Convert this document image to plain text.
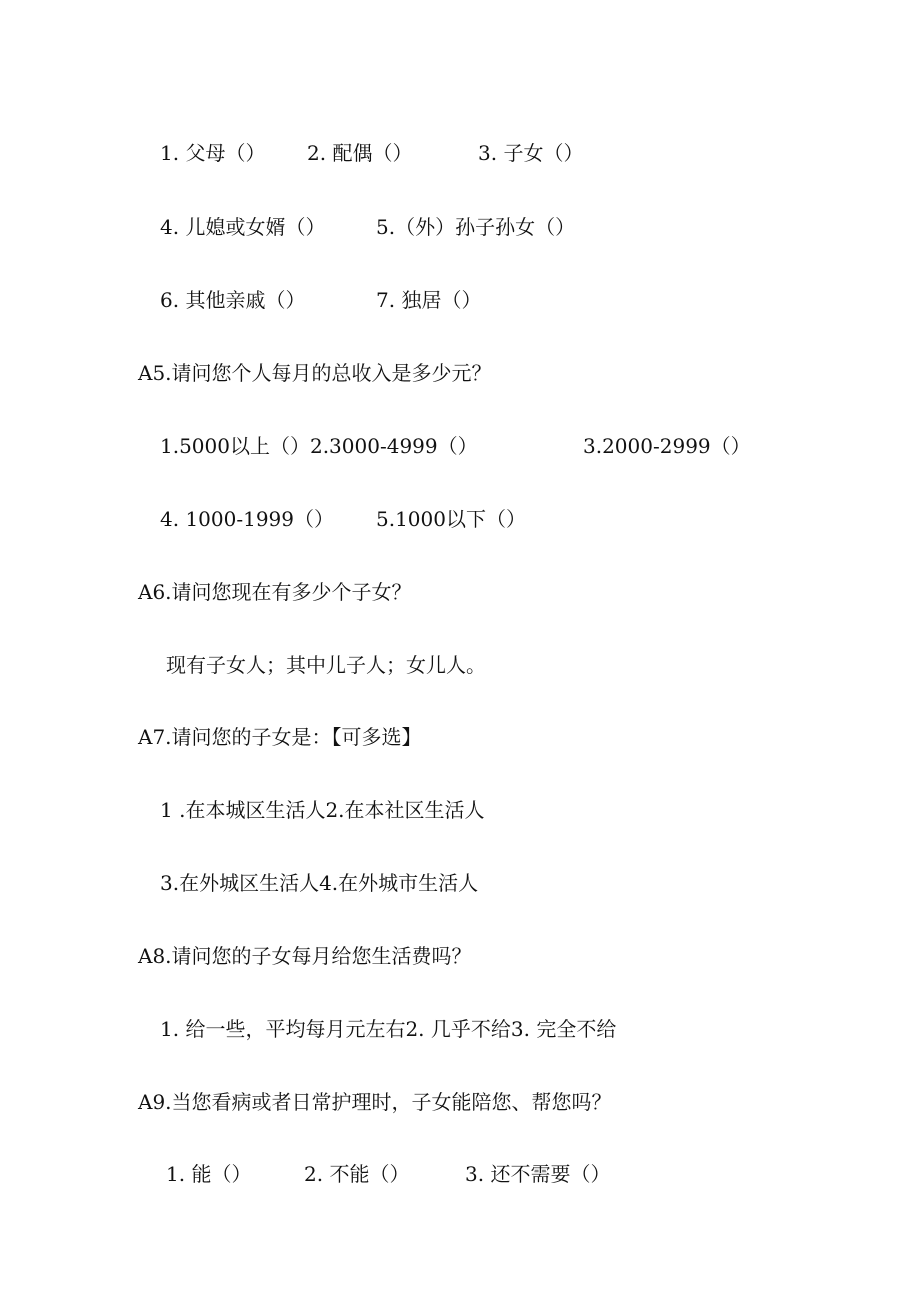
1. 父母（） 2. 配偶（）	3. 子女（）
4. 儿媳或女婿（）	5.（外）孙子孙女（）
6. 其他亲戚（）	7. 独居（）
A5.请问您个人每月的总收入是多少元？
1.5000以上（）2.3000-4999（）	3.2000-2999（）
4. 1000-1999（） 5.1000以下（）
A6.请问您现在有多少个子女？
现有子女人；其中儿子人；女儿人。
A7.请问您的子女是：【可多选】
1 .在本城区生活人2.在本社区生活人
3.在外城区生活人4.在外城市生活人
A8.请问您的子女每月给您生活费吗？
1. 给一些，平均每月元左右2. 几乎不给3. 完全不给
A9.当您看病或者日常护理时，子女能陪您、帮您吗？
1. 能（）	2. 不能（）	3. 还不需要（）
